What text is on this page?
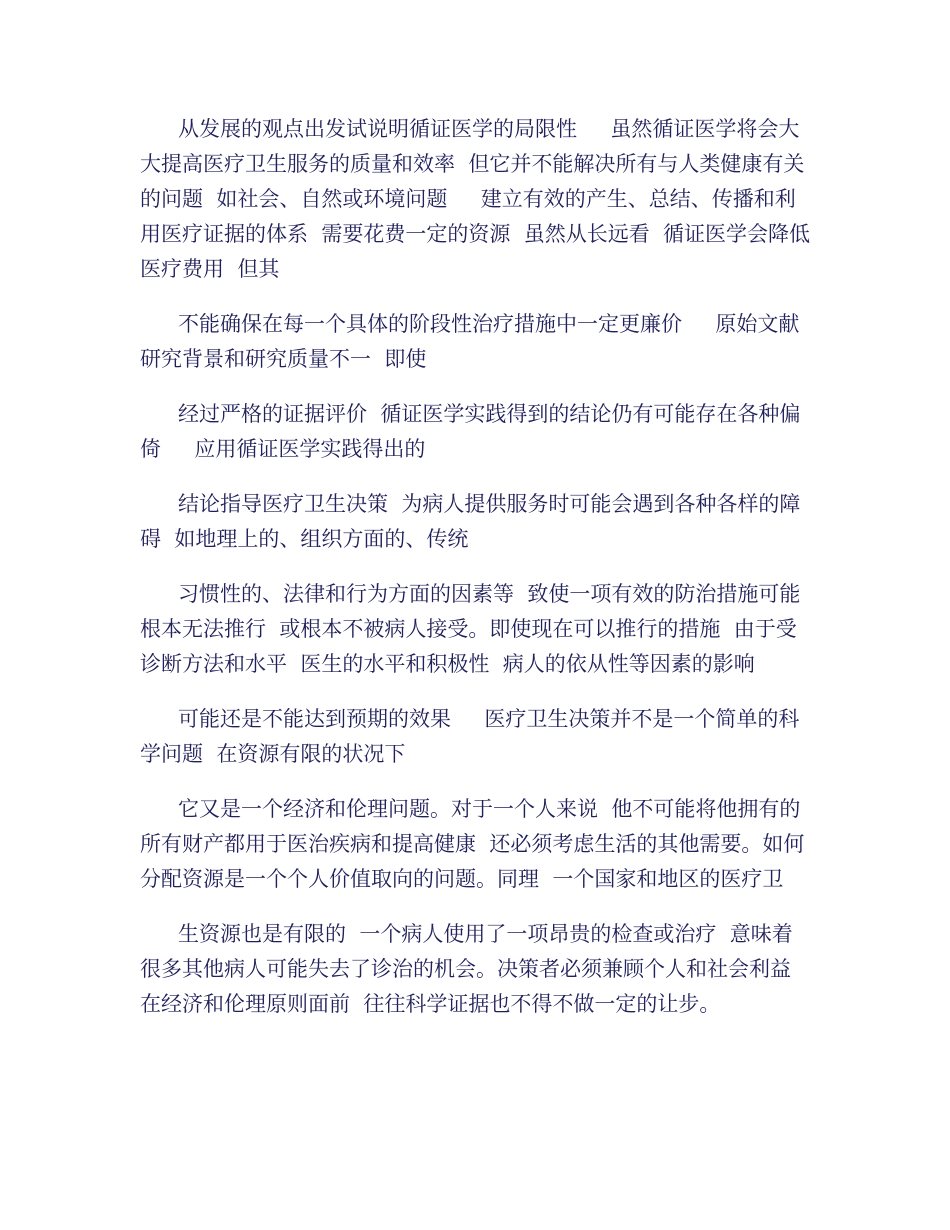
从发展的观点出发试说明循证医学的局限性     虽然循证医学将会大大提高医疗卫生服务的质量和效率  但它并不能解决所有与人类健康有关的问题  如社会、自然或环境问题     建立有效的产生、总结、传播和利用医疗证据的体系  需要花费一定的资源  虽然从长远看  循证医学会降低医疗费用  但其

不能确保在每一个具体的阶段性治疗措施中一定更廉价     原始文献研究背景和研究质量不一  即使

经过严格的证据评价  循证医学实践得到的结论仍有可能存在各种偏倚     应用循证医学实践得出的

结论指导医疗卫生决策  为病人提供服务时可能会遇到各种各样的障碍  如地理上的、组织方面的、传统

习惯性的、法律和行为方面的因素等  致使一项有效的防治措施可能根本无法推行  或根本不被病人接受。即使现在可以推行的措施  由于受诊断方法和水平  医生的水平和积极性  病人的依从性等因素的影响

可能还是不能达到预期的效果     医疗卫生决策并不是一个简单的科学问题  在资源有限的状况下

它又是一个经济和伦理问题。对于一个人来说  他不可能将他拥有的所有财产都用于医治疾病和提高健康  还必须考虑生活的其他需要。如何分配资源是一个个人价值取向的问题。同理  一个国家和地区的医疗卫

生资源也是有限的  一个病人使用了一项昂贵的检查或治疗  意味着很多其他病人可能失去了诊治的机会。决策者必须兼顾个人和社会利益  在经济和伦理原则面前  往往科学证据也不得不做一定的让步。
